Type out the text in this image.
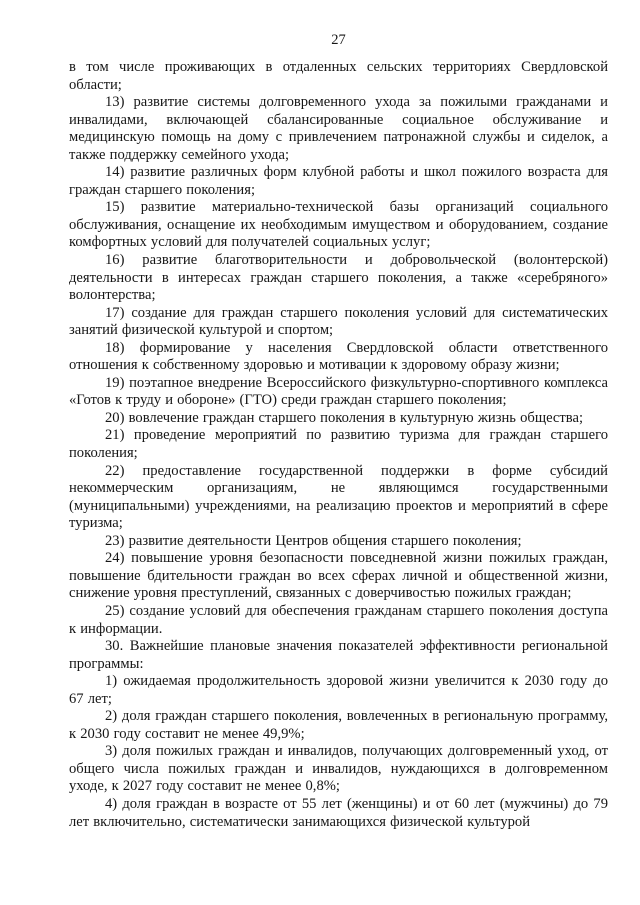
27

в том числе проживающих в отдаленных сельских территориях Свердловской области;

13) развитие системы долговременного ухода за пожилыми гражданами и инвалидами, включающей сбалансированные социальное обслуживание и медицинскую помощь на дому с привлечением патронажной службы и сиделок, а также поддержку семейного ухода;

14) развитие различных форм клубной работы и школ пожилого возраста для граждан старшего поколения;

15) развитие материально-технической базы организаций социального обслуживания, оснащение их необходимым имуществом и оборудованием, создание комфортных условий для получателей социальных услуг;

16) развитие благотворительности и добровольческой (волонтерской) деятельности в интересах граждан старшего поколения, а также «серебряного» волонтерства;

17) создание для граждан старшего поколения условий для систематических занятий физической культурой и спортом;

18) формирование у населения Свердловской области ответственного отношения к собственному здоровью и мотивации к здоровому образу жизни;

19) поэтапное внедрение Всероссийского физкультурно-спортивного комплекса «Готов к труду и обороне» (ГТО) среди граждан старшего поколения;

20) вовлечение граждан старшего поколения в культурную жизнь общества;

21) проведение мероприятий по развитию туризма для граждан старшего поколения;

22) предоставление государственной поддержки в форме субсидий некоммерческим организациям, не являющимся государственными (муниципальными) учреждениями, на реализацию проектов и мероприятий в сфере туризма;

23) развитие деятельности Центров общения старшего поколения;

24) повышение уровня безопасности повседневной жизни пожилых граждан, повышение бдительности граждан во всех сферах личной и общественной жизни, снижение уровня преступлений, связанных с доверчивостью пожилых граждан;

25) создание условий для обеспечения гражданам старшего поколения доступа к информации.

30. Важнейшие плановые значения показателей эффективности региональной программы:

1) ожидаемая продолжительность здоровой жизни увеличится к 2030 году до 67 лет;

2) доля граждан старшего поколения, вовлеченных в региональную программу, к 2030 году составит не менее 49,9%;

3) доля пожилых граждан и инвалидов, получающих долговременный уход, от общего числа пожилых граждан и инвалидов, нуждающихся в долговременном уходе, к 2027 году составит не менее 0,8%;

4) доля граждан в возрасте от 55 лет (женщины) и от 60 лет (мужчины) до 79 лет включительно, систематически занимающихся физической культурой
